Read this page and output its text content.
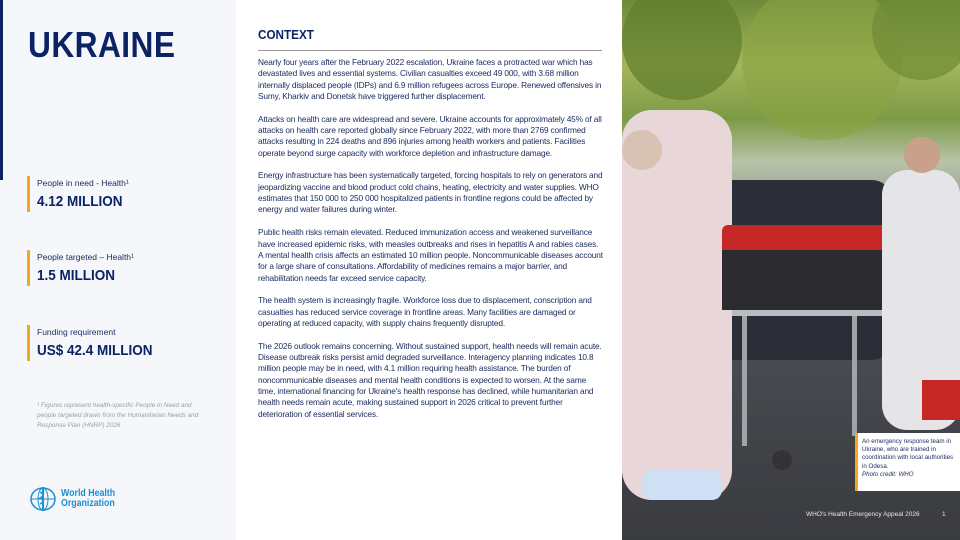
UKRAINE
People in need - Health¹
4.12 MILLION
People targeted – Health¹
1.5 MILLION
Funding requirement
US$ 42.4 MILLION
¹ Figures represent health-specific People in Need and people targeted drawn from the Humanitarian Needs and Response Plan (HNRP) 2026
World Health
Organization
CONTEXT

Nearly four years after the February 2022 escalation, Ukraine faces a protracted war which has devastated lives and essential systems. Civilian casualties exceed 49 000, with 3.68 million internally displaced people (IDPs) and 6.9 million refugees across Europe. Renewed offensives in Sumy, Kharkiv and Donetsk have triggered further displacement.

Attacks on health care are widespread and severe. Ukraine accounts for approximately 45% of all attacks on health care reported globally since February 2022, with more than 2769 confirmed attacks resulting in 224 deaths and 896 injuries among health workers and patients. Facilities operate beyond surge capacity with workforce depletion and infrastructure damage.

Energy infrastructure has been systematically targeted, forcing hospitals to rely on generators and jeopardizing vaccine and blood product cold chains, heating, electricity and water supplies. WHO estimates that 150 000 to 250 000 hospitalized patients in frontline regions could be affected by energy and water failures during winter.

Public health risks remain elevated. Reduced immunization access and weakened surveillance have increased epidemic risks, with measles outbreaks and rises in hepatitis A and rabies cases. A mental health crisis affects an estimated 10 million people. Noncommunicable diseases account for a large share of consultations. Affordability of medicines remains a major barrier, and rehabilitation needs far exceed service capacity.

The health system is increasingly fragile. Workforce loss due to displacement, conscription and casualties has reduced service coverage in frontline areas. Many facilities are damaged or operating at reduced capacity, with supply chains frequently disrupted.

The 2026 outlook remains concerning. Without sustained support, health needs will remain acute. Disease outbreak risks persist amid degraded surveillance. Interagency planning indicates 10.8 million people may be in need, with 4.1 million requiring health assistance. The burden of noncommunicable diseases and mental health conditions is expected to worsen. At the same time, international financing for Ukraine's health response has declined, while humanitarian and health needs remain acute, making sustained support in 2026 critical to prevent further deterioration of essential services.

An emergency response team in Ukraine, who are trained in coordination with local authorities in Odesa.
Photo credit: WHO
WHO's Health Emergency Appeal 2026	1
